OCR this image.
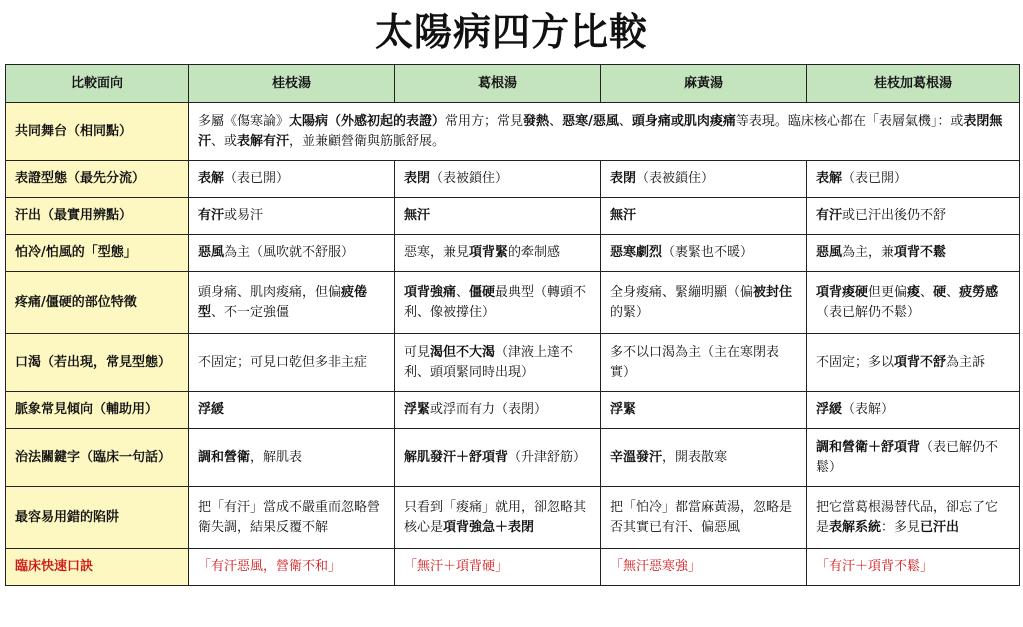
太陽病四方比較
比較面向	桂枝湯	葛根湯	麻黃湯	桂枝加葛根湯
共同舞台（相同點）	多屬《傷寒論》太陽病（外感初起的表證）常用方；常見發熱、惡寒/惡風、頭身痛或肌肉痠痛等表現。臨床核心都在「表層氣機」：或表閉無汗、或表解有汗，並兼顧營衛與筋脈舒展。			
表證型態（最先分流）	表解（表已開）	表閉（表被鎖住）	表閉（表被鎖住）	表解（表已開）
汗出（最實用辨點）	有汗或易汗	無汗	無汗	有汗或已汗出後仍不舒
怕冷/怕風的「型態」	惡風為主（風吹就不舒服）	惡寒，兼見項背緊的牽制感	惡寒劇烈（裹緊也不暖）	惡風為主，兼項背不鬆
疼痛/僵硬的部位特徵	頭身痛、肌肉痠痛，但偏疲倦型、不一定強僵	項背強痛、僵硬最典型（轉頭不利、像被撐住）	全身痠痛、緊繃明顯（偏被封住的緊）	項背痠硬但更偏痠、硬、疲勞感（表已解仍不鬆）
口渴（若出現，常見型態）	不固定；可見口乾但多非主症	可見渴但不大渴（津液上達不利、頭項緊同時出現）	多不以口渴為主（主在寒閉表實）	不固定；多以項背不舒為主訴
脈象常見傾向（輔助用）	浮緩	浮緊或浮而有力（表閉）	浮緊	浮緩（表解）
治法關鍵字（臨床一句話）	調和營衛，解肌表	解肌發汗＋舒項背（升津舒筋）	辛溫發汗，開表散寒	調和營衛＋舒項背（表已解仍不鬆）
最容易用錯的陷阱	把「有汗」當成不嚴重而忽略營衛失調，結果反覆不解	只看到「痠痛」就用，卻忽略其核心是項背強急＋表閉	把「怕冷」都當麻黃湯，忽略是否其實已有汗、偏惡風	把它當葛根湯替代品，卻忘了它是表解系統：多見已汗出
臨床快速口訣	「有汗惡風，營衛不和」	「無汗＋項背硬」	「無汗惡寒強」	「有汗＋項背不鬆」
